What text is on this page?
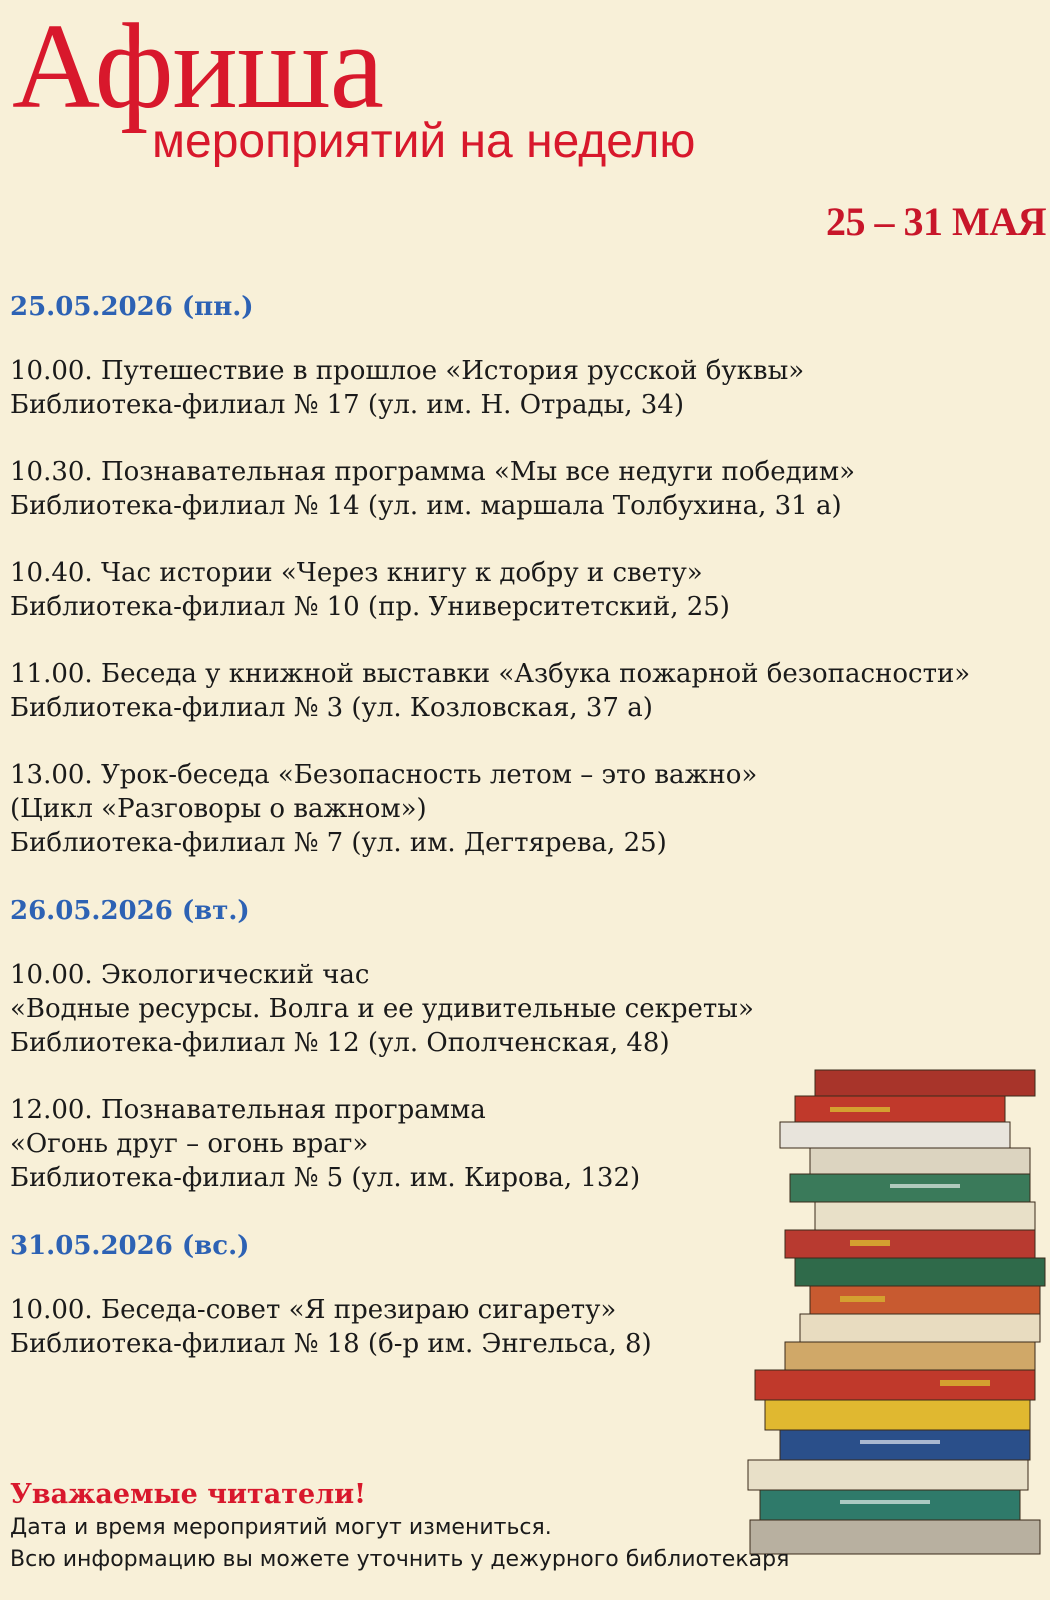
Афиша
мероприятий на неделю
25 – 31 МАЯ
25.05.2026 (пн.)
10.00. Путешествие в прошлое «История русской буквы»
Библиотека-филиал № 17 (ул. им. Н. Отрады, 34)
10.30. Познавательная программа «Мы все недуги победим»
Библиотека-филиал № 14 (ул. им. маршала Толбухина, 31 а)
10.40. Час истории «Через книгу к добру и свету»
Библиотека-филиал № 10 (пр. Университетский, 25)
11.00. Беседа у книжной выставки «Азбука пожарной безопасности»
Библиотека-филиал № 3 (ул. Козловская, 37 а)
13.00. Урок-беседа «Безопасность летом – это важно»
(Цикл «Разговоры о важном»)
Библиотека-филиал № 7 (ул. им. Дегтярева, 25)
26.05.2026 (вт.)
10.00. Экологический час
«Водные ресурсы. Волга и ее удивительные секреты»
Библиотека-филиал № 12 (ул. Ополченская, 48)
12.00. Познавательная программа
«Огонь друг – огонь враг»
Библиотека-филиал № 5 (ул. им. Кирова, 132)
31.05.2026 (вс.)
10.00. Беседа-совет «Я презираю сигарету»
Библиотека-филиал № 18 (б-р им. Энгельса, 8)
Уважаемые читатели!
Дата и время мероприятий могут измениться.
Всю информацию вы можете уточнить у дежурного библиотекаря
